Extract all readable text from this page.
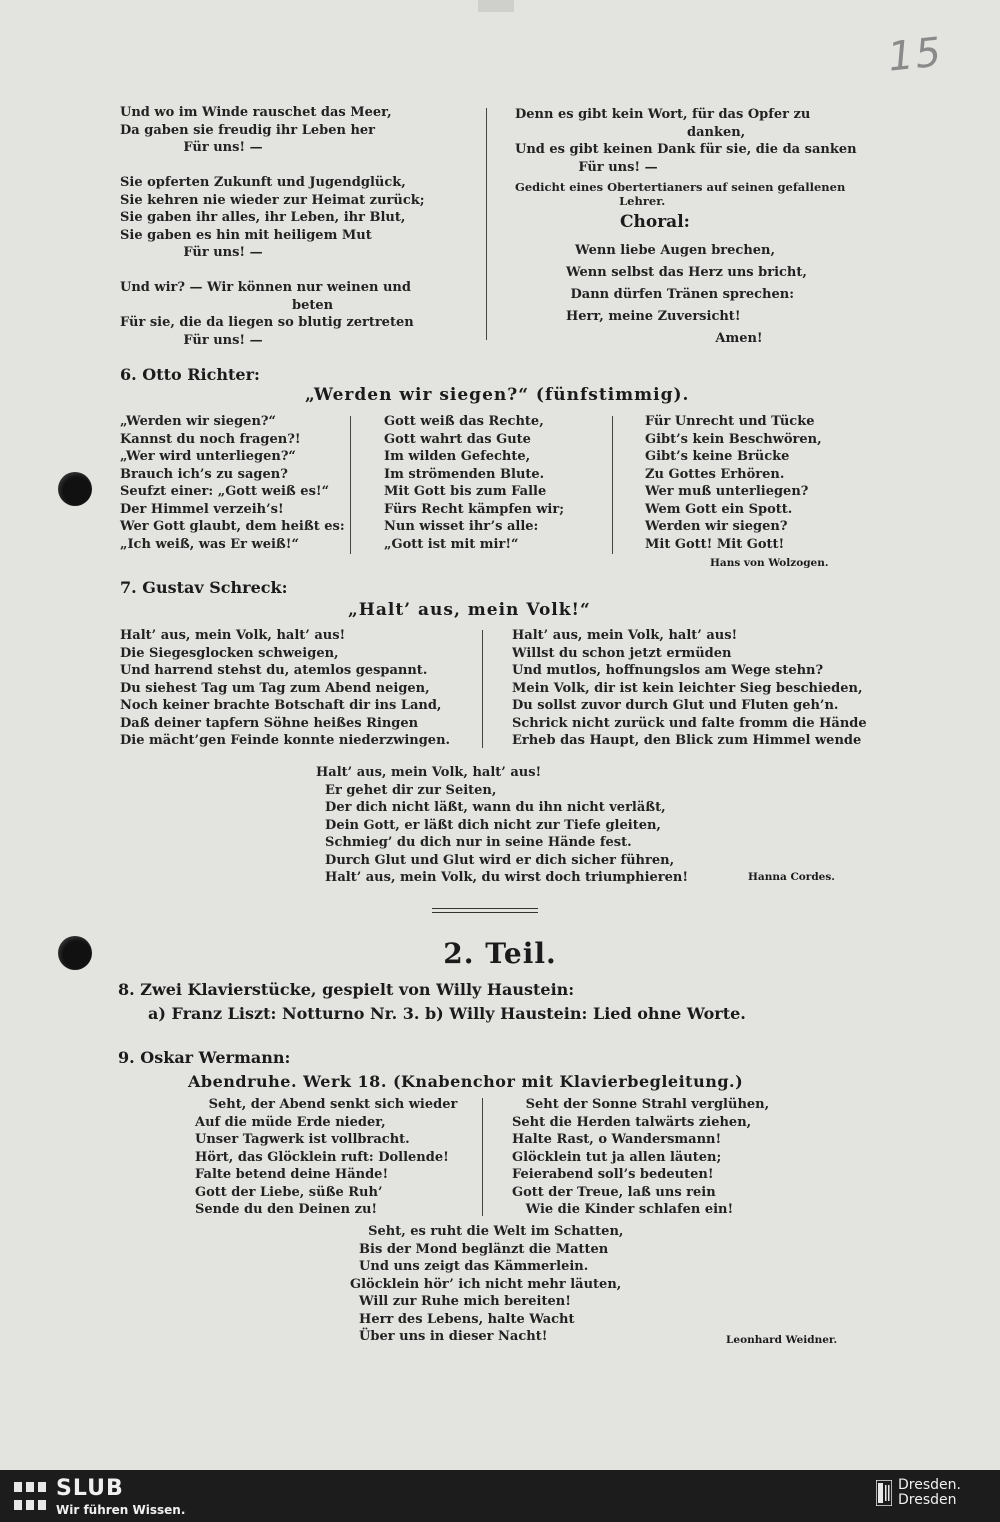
15
Und wo im Winde rauschet das Meer,
Da gaben sie freudig ihr Leben her
Für uns! —

Sie opferten Zukunft und Jugendglück,
Sie kehren nie wieder zur Heimat zurück;
Sie gaben ihr alles, ihr Leben, ihr Blut,
Sie gaben es hin mit heiligem Mut
Für uns! —

Und wir? — Wir können nur weinen und
beten
Für sie, die da liegen so blutig zertreten
Für uns! —
Denn es gibt kein Wort, für das Opfer zu
danken,
Und es gibt keinen Dank für sie, die da sanken
Für uns! —
Gedicht eines Obertertianers auf seinen gefallenen
Lehrer.
Choral:
Wenn liebe Augen brechen,
Wenn selbst das Herz uns bricht,
Dann dürfen Tränen sprechen:
Herr, meine Zuversicht!
Amen!
6. Otto Richter:
„Werden wir siegen?“ (fünfstimmig).
„Werden wir siegen?“
Kannst du noch fragen?!
„Wer wird unterliegen?“
Brauch ich’s zu sagen?
Seufzt einer: „Gott weiß es!“
Der Himmel verzeih’s!
Wer Gott glaubt, dem heißt es:
„Ich weiß, was Er weiß!“
Gott weiß das Rechte,
Gott wahrt das Gute
Im wilden Gefechte,
Im strömenden Blute.
Mit Gott bis zum Falle
Fürs Recht kämpfen wir;
Nun wisset ihr’s alle:
„Gott ist mit mir!“
Für Unrecht und Tücke
Gibt’s kein Beschwören,
Gibt’s keine Brücke
Zu Gottes Erhören.
Wer muß unterliegen?
Wem Gott ein Spott.
Werden wir siegen?
Mit Gott! Mit Gott!
Hans von Wolzogen.
7. Gustav Schreck:
„Halt’ aus, mein Volk!“
Halt’ aus, mein Volk, halt’ aus!
Die Siegesglocken schweigen,
Und harrend stehst du, atemlos gespannt.
Du siehest Tag um Tag zum Abend neigen,
Noch keiner brachte Botschaft dir ins Land,
Daß deiner tapfern Söhne heißes Ringen
Die mächt’gen Feinde konnte niederzwingen.
Halt’ aus, mein Volk, halt’ aus!
Willst du schon jetzt ermüden
Und mutlos, hoffnungslos am Wege stehn?
Mein Volk, dir ist kein leichter Sieg beschieden,
Du sollst zuvor durch Glut und Fluten geh’n.
Schrick nicht zurück und falte fromm die Hände
Erheb das Haupt, den Blick zum Himmel wende
Halt’ aus, mein Volk, halt’ aus!
Er gehet dir zur Seiten,
Der dich nicht läßt, wann du ihn nicht verläßt,
Dein Gott, er läßt dich nicht zur Tiefe gleiten,
Schmieg’ du dich nur in seine Hände fest.
Durch Glut und Glut wird er dich sicher führen,
Halt’ aus, mein Volk, du wirst doch triumphieren!	Hanna Cordes.
2. Teil.
8. Zwei Klavierstücke, gespielt von Willy Haustein:
a) Franz Liszt: Notturno Nr. 3. b) Willy Haustein: Lied ohne Worte.
9. Oskar Wermann:
Abendruhe. Werk 18. (Knabenchor mit Klavierbegleitung.)
Seht, der Abend senkt sich wieder
Auf die müde Erde nieder,
Unser Tagwerk ist vollbracht.
Hört, das Glöcklein ruft: Dollende!
Falte betend deine Hände!
Gott der Liebe, süße Ruh’
Sende du den Deinen zu!
Seht der Sonne Strahl verglühen,
Seht die Herden talwärts ziehen,
Halte Rast, o Wandersmann!
Glöcklein tut ja allen läuten;
Feierabend soll’s bedeuten!
Gott der Treue, laß uns rein
Wie die Kinder schlafen ein!
Seht, es ruht die Welt im Schatten,
Bis der Mond beglänzt die Matten
Und uns zeigt das Kämmerlein.
Glöcklein hör’ ich nicht mehr läuten,
Will zur Ruhe mich bereiten!
Herr des Lebens, halte Wacht
Über uns in dieser Nacht!	Leonhard Weidner.
SLUB
Wir führen Wissen.
Dresden.
Dresden
